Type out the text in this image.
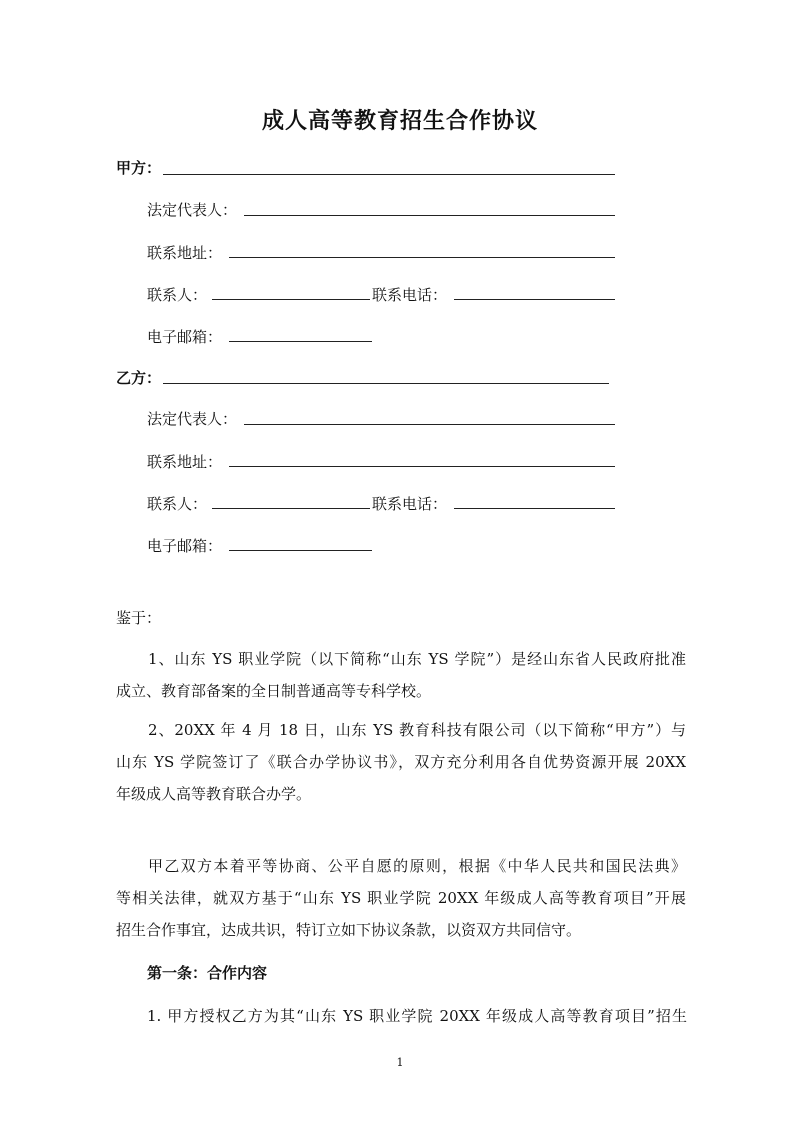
成人高等教育招生合作协议
甲方：
法定代表人：
联系地址：
联系人：	联系电话：
电子邮箱：
乙方：
法定代表人：
联系地址：
联系人：	联系电话：
电子邮箱：
鉴于：
1、山东 YS 职业学院（以下简称“山东 YS 学院”）是经山东省人民政府批准
成立、教育部备案的全日制普通高等专科学校。
2、20XX 年 4 月 18 日，山东 YS 教育科技有限公司（以下简称“甲方”）与
山东 YS 学院签订了《联合办学协议书》，双方充分利用各自优势资源开展 20XX
年级成人高等教育联合办学。
甲乙双方本着平等协商、公平自愿的原则，根据《中华人民共和国民法典》
等相关法律，就双方基于“山东 YS 职业学院 20XX 年级成人高等教育项目”开展
招生合作事宜，达成共识，特订立如下协议条款，以资双方共同信守。
第一条：合作内容
1. 甲方授权乙方为其“山东 YS 职业学院 20XX 年级成人高等教育项目”招生
1
